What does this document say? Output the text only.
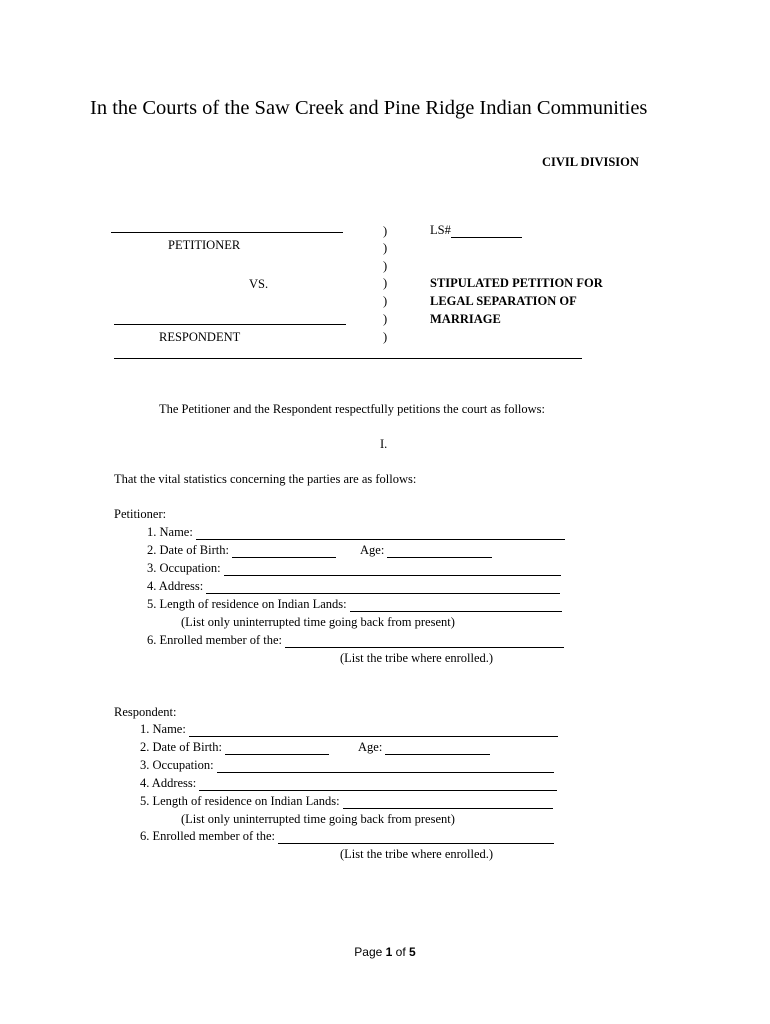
In the Courts of the Saw Creek and Pine Ridge Indian Communities
CIVIL DIVISION
PETITIONER
VS.
RESPONDENT
)
)
)
)
)
)
)
LS#
STIPULATED PETITION FOR
LEGAL SEPARATION OF
MARRIAGE
The Petitioner and the Respondent respectfully petitions the court as follows:
I.
That the vital statistics concerning the parties are as follows:
Petitioner:
1. Name:
2. Date of Birth:	Age:
3. Occupation:
4. Address:
5. Length of residence on Indian Lands:
(List only uninterrupted time going back from present)
6. Enrolled member of the:
(List the tribe where enrolled.)
Respondent:
1. Name:
2. Date of Birth:	Age:
3. Occupation:
4. Address:
5. Length of residence on Indian Lands:
(List only uninterrupted time going back from present)
6. Enrolled member of the:
(List the tribe where enrolled.)
Page 1 of 5
